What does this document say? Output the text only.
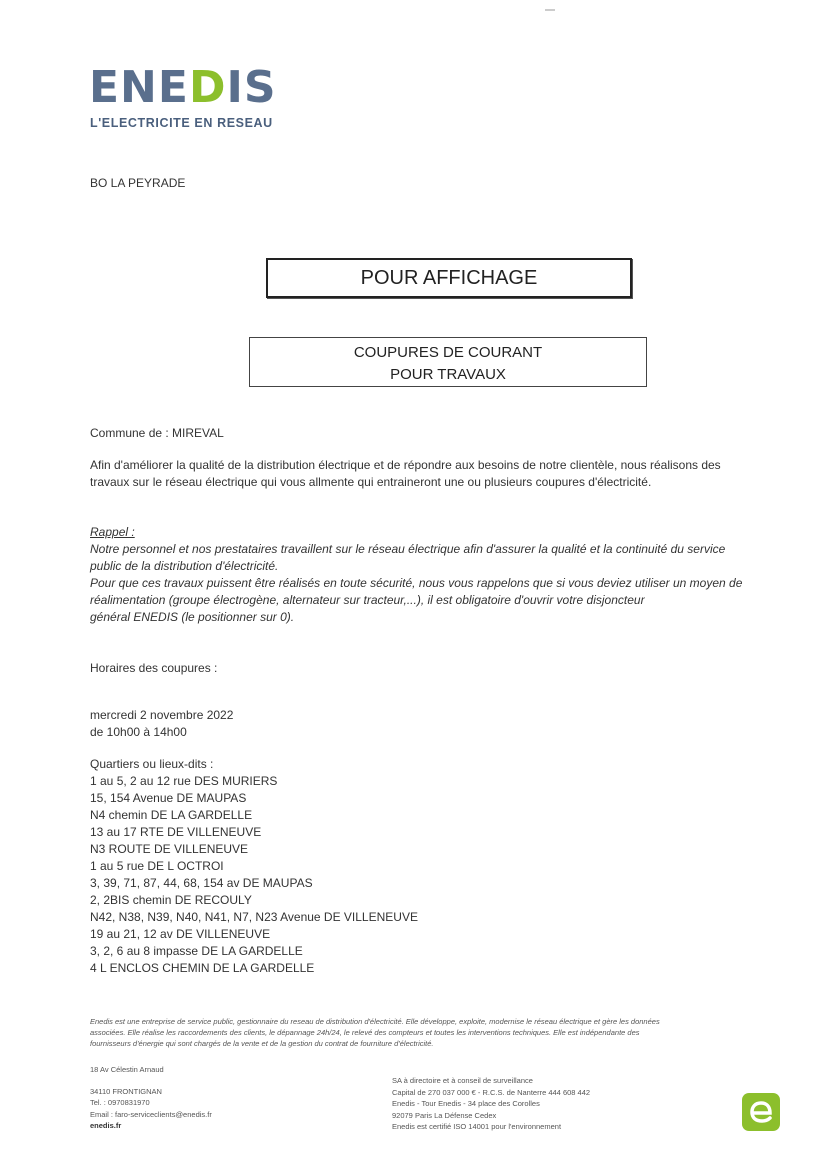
ENEDIS
L'ELECTRICITE EN RESEAU
BO LA PEYRADE
POUR AFFICHAGE
COUPURES DE COURANT
POUR TRAVAUX
Commune de : MIREVAL
Afin d'améliorer la qualité de la distribution électrique et de répondre aux besoins de notre clientèle, nous réalisons des
travaux sur le réseau électrique qui vous allmente qui entraineront une ou plusieurs coupures d'électricité.
Rappel :
Notre personnel et nos prestataires travaillent sur le réseau électrique afin d'assurer la qualité et la continuité du service
public de la distribution d'électricité.
Pour que ces travaux puissent être réalisés en toute sécurité, nous vous rappelons que si vous deviez utiliser un moyen de
réalimentation (groupe électrogène, alternateur sur tracteur,...), il est obligatoire d'ouvrir votre disjoncteur
général ENEDIS (le positionner sur 0).
Horaires des coupures :
mercredi 2 novembre 2022
de 10h00 à 14h00
Quartiers ou lieux-dits :
1 au 5, 2 au 12 rue DES MURIERS
15, 154 Avenue DE MAUPAS
N4 chemin DE LA GARDELLE
13 au 17 RTE DE VILLENEUVE
N3 ROUTE DE VILLENEUVE
1 au 5 rue DE L OCTROI
3, 39, 71, 87, 44, 68, 154 av DE MAUPAS
2, 2BIS chemin DE RECOULY
N42, N38, N39, N40, N41, N7, N23 Avenue DE VILLENEUVE
19 au 21, 12 av DE VILLENEUVE
3, 2, 6 au 8 impasse DE LA GARDELLE
4 L ENCLOS CHEMIN DE LA GARDELLE
Enedis est une entreprise de service public, gestionnaire du reseau de distribution d'électricité. Elle développe, exploite, modernise le réseau électrique et gère les données
associées. Elle réalise les raccordements des clients, le dépannage 24h/24, le relevé des compteurs et toutes les interventions techniques. Elle est indépendante des
fournisseurs d'énergie qui sont chargés de la vente et de la gestion du contrat de fourniture d'électricité.
18 Av Célestin Arnaud
34110 FRONTIGNAN
Tel. : 0970831970
Email : faro-serviceclients@enedis.fr
enedis.fr
SA à directoire et à conseil de surveillance
Capital de 270 037 000 € - R.C.S. de Nanterre 444 608 442
Enedis - Tour Enedis - 34 place des Corolles
92079 Paris La Défense Cedex
Enedis est certifié ISO 14001 pour l'environnement
